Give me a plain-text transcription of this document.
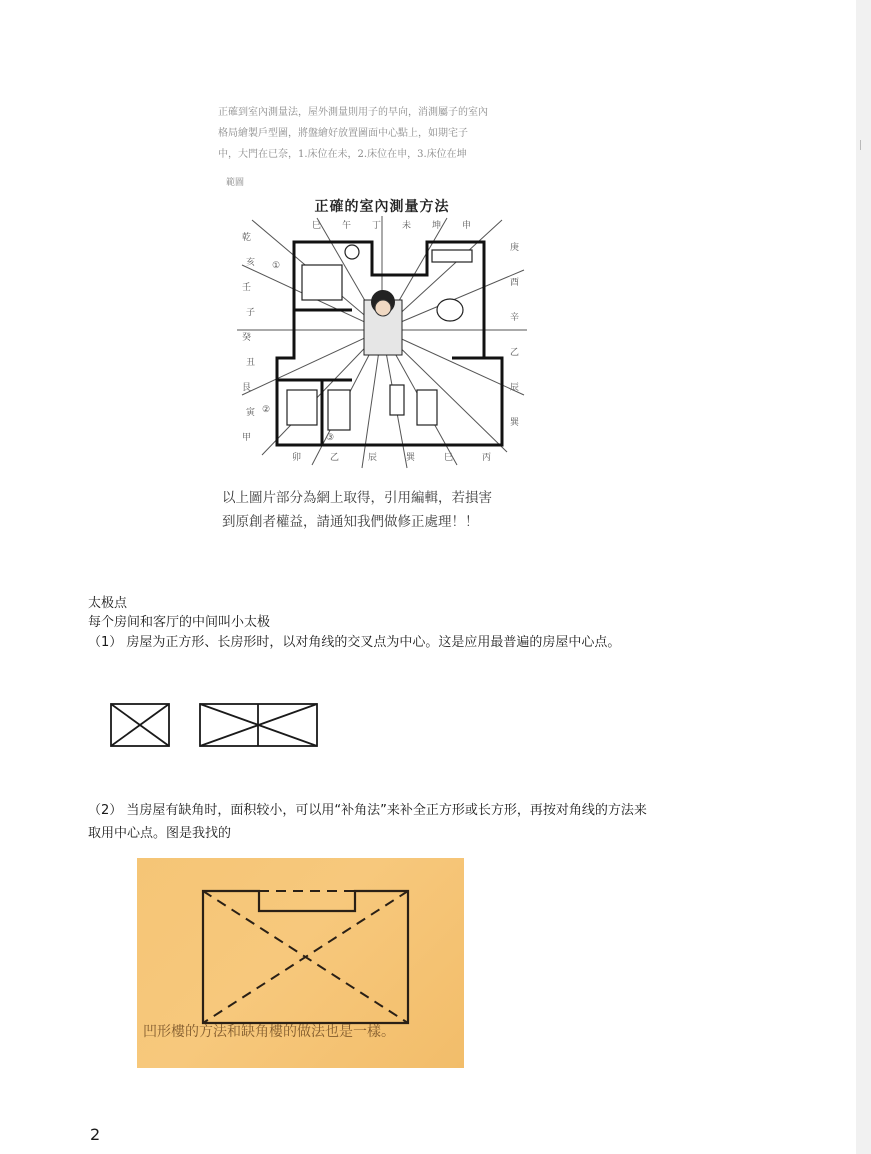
正確到室內測量法，屋外測量則用子的早向，消測屬子的室內
格局繪製戶型圖，將盤繪好放置圖面中心點上，如期宅子
中，大門在已奈，1.床位在未，2.床位在申，3.床位在坤
範圖
巳 午 丁 未 坤 申
乾
亥
壬
子
癸
丑
艮
寅
甲
庚
酉
辛
乙
辰
巽
卯	乙	辰	巽	巳	丙
①
②
③
正確的室內測量方法
以上圖片部分為網上取得，引用編輯，若損害
到原創者權益，請通知我們做修正處理！！
太极点
每个房间和客厅的中间叫小太极
（1） 房屋为正方形、长房形时，以对角线的交叉点为中心。这是应用最普遍的房屋中心点。
（2） 当房屋有缺角时，面积较小，可以用“补角法”来补全正方形或长方形，再按对角线的方法来
取用中心点。图是我找的
凹形樓的方法和缺角樓的做法也是一樣。
2
